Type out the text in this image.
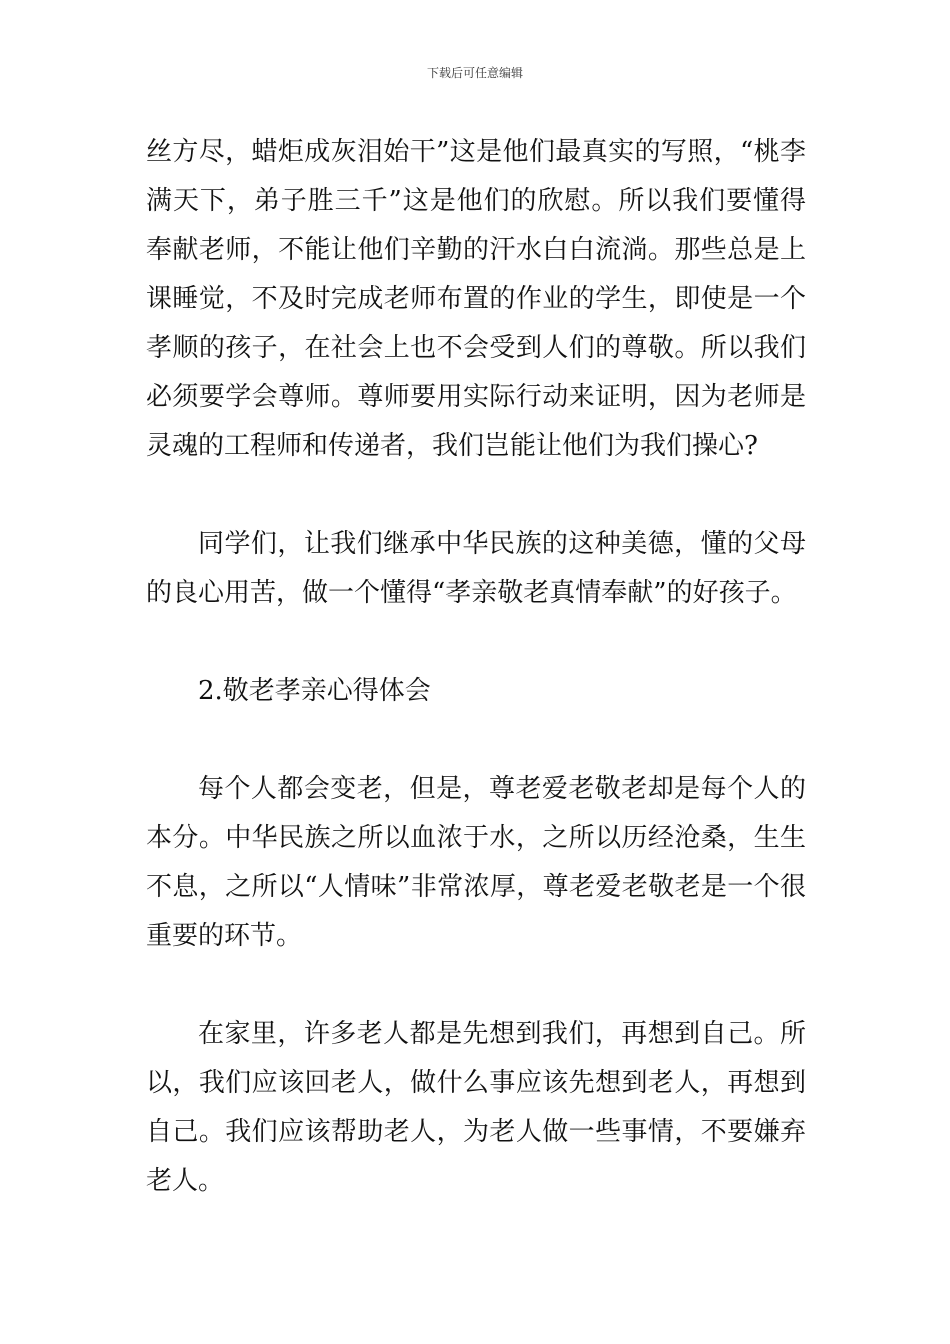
下载后可任意编辑

丝方尽，蜡炬成灰泪始干”这是他们最真实的写照，“桃李满天下，弟子胜三千”这是他们的欣慰。所以我们要懂得奉献老师，不能让他们辛勤的汗水白白流淌。那些总是上课睡觉，不及时完成老师布置的作业的学生，即使是一个孝顺的孩子，在社会上也不会受到人们的尊敬。所以我们必须要学会尊师。尊师要用实际行动来证明，因为老师是灵魂的工程师和传递者，我们岂能让他们为我们操心?

同学们，让我们继承中华民族的这种美德，懂的父母的良心用苦，做一个懂得“孝亲敬老真情奉献”的好孩子。

2.敬老孝亲心得体会

每个人都会变老，但是，尊老爱老敬老却是每个人的本分。中华民族之所以血浓于水，之所以历经沧桑，生生不息，之所以“人情味”非常浓厚，尊老爱老敬老是一个很重要的环节。

在家里，许多老人都是先想到我们，再想到自己。所以，我们应该回老人，做什么事应该先想到老人，再想到自己。我们应该帮助老人，为老人做一些事情，不要嫌弃老人。
